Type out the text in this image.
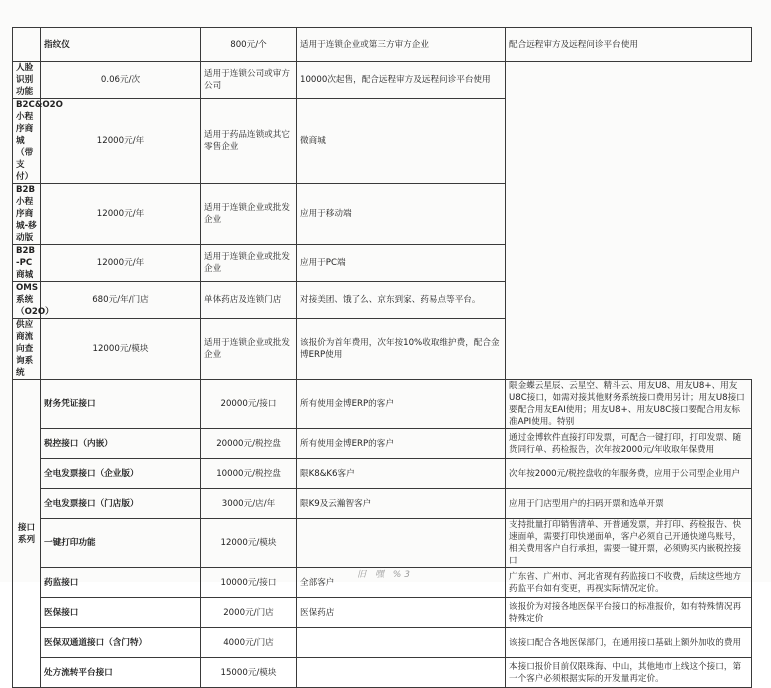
	指纹仪	800元/个	适用于连锁企业或第三方审方企业	配合远程审方及远程问诊平台使用
人脸识别功能	0.06元/次	适用于连锁公司或审方公司	10000次起售，配合远程审方及远程问诊平台使用	
B2C&O2O小程序商城（带支付）	12000元/年	适用于药品连锁或其它零售企业	微商城	
B2B小程序商城-移动版	12000元/年	适用于连锁企业或批发企业	应用于移动端	
B2B -PC商城	12000元/年	适用于连锁企业或批发企业	应用于PC端	
OMS系统（O2O）	680元/年/门店	单体药店及连锁门店	对接美团、饿了么、京东到家、药易点等平台。	
供应商流向查询系统	12000元/模块	适用于连锁企业或批发企业	该报价为首年费用，次年按10%收取维护费，配合金博ERP使用	
接口系列	财务凭证接口	20000元/接口	所有使用金博ERP的客户	限金蝶云星辰、云星空、精斗云、用友U8、用友U8+、用友U8C接口，如需对接其他财务系统接口费用另计；用友U8接口要配合用友EAI使用；用友U8+、用友U8C接口要配合用友标准API使用。特别
	税控接口（内嵌）	20000元/税控盘	所有使用金博ERP的客户	通过金博软件直接打印发票，可配合一键打印，打印发票、随货同行单、药检报告，次年按2000元/年收取年保费用
	全电发票接口（企业版）	10000元/税控盘	限K8&K6客户	次年按2000元/税控盘收的年服务费，应用于公司型企业用户
	全电发票接口（门店版）	3000元/店/年	限K9及云瀚智客户	应用于门店型用户的扫码开票和选单开票
	一键打印功能	12000元/模块		支持批量打印销售清单、开普通发票，并打印、药检报告、快速面单，需要打印快递面单，客户必须自己开通快递鸟账号，相关费用客户自行承担，需要一键开票，必须购买内嵌税控接口
	药监接口	10000元/接口	全部客户	广东省、广州市、河北省现有药监接口不收费，后续这些地方药监平台如有变更，再视实际情况定价。
	医保接口	2000元/门店	医保药店	该报价为对接各地医保平台接口的标准报价，如有特殊情况再特殊定价
	医保双通道接口（含门特）	4000元/门店		该接口配合各地医保部门，在通用接口基础上额外加收的费用
	处方流转平台接口	15000元/模块		本接口报价目前仅限珠海、中山，其他地市上线这个接口，第一个客户必须根据实际的开发量再定价。
旧 嘿 %3
